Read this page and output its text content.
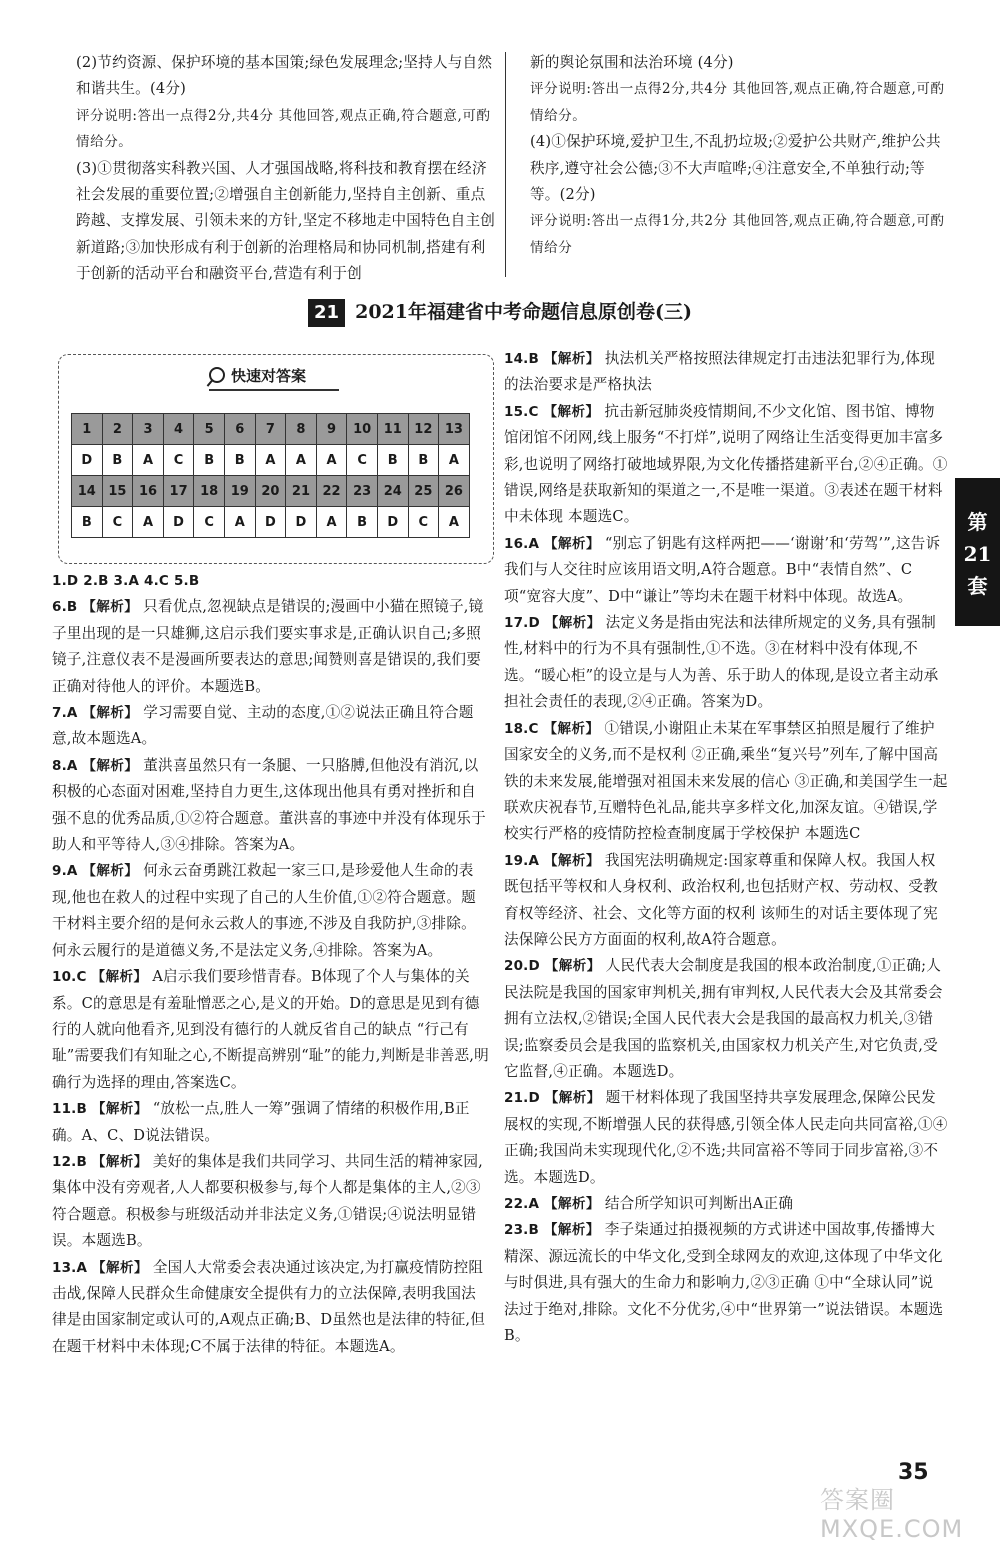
(2)节约资源、保护环境的基本国策;绿色发展理念;坚持人与自然和谐共生。(4分)

评分说明:答出一点得2分,共4分 其他回答,观点正确,符合题意,可酌情给分。

(3)①贯彻落实科教兴国、人才强国战略,将科技和教育摆在经济社会发展的重要位置;②增强自主创新能力,坚持自主创新、重点跨越、支撑发展、引领未来的方针,坚定不移地走中国特色自主创新道路;③加快形成有利于创新的治理格局和协同机制,搭建有利于创新的活动平台和融资平台,营造有利于创

新的舆论氛围和法治环境 (4分)

评分说明:答出一点得2分,共4分 其他回答,观点正确,符合题意,可酌情给分。

(4)①保护环境,爱护卫生,不乱扔垃圾;②爱护公共财产,维护公共秩序,遵守社会公德;③不大声喧哗;④注意安全,不单独行动;等等。(2分)

评分说明:答出一点得1分,共2分 其他回答,观点正确,符合题意,可酌情给分

21 2021年福建省中考命题信息原创卷(三)
快速对答案
1	2	3	4	5	6	7	8	9	10	11	12	13
D	B	A	C	B	B	A	A	A	C	B	B	A
14	15	16	17	18	19	20	21	22	23	24	25	26
B	C	A	D	C	A	D	D	A	B	D	C	A

1.D 2.B 3.A 4.C 5.B

6.B 【解析】 只看优点,忽视缺点是错误的;漫画中小猫在照镜子,镜子里出现的是一只雄狮,这启示我们要实事求是,正确认识自己;多照镜子,注意仪表不是漫画所要表达的意思;闻赞则喜是错误的,我们要正确对待他人的评价。本题选B。

7.A 【解析】 学习需要自觉、主动的态度,①②说法正确且符合题意,故本题选A。

8.A 【解析】 董洪喜虽然只有一条腿、一只胳膊,但他没有消沉,以积极的心态面对困难,坚持自力更生,这体现出他具有勇对挫折和自强不息的优秀品质,①②符合题意。董洪喜的事迹中并没有体现乐于助人和平等待人,③④排除。答案为A。

9.A 【解析】 何永云奋勇跳江救起一家三口,是珍爱他人生命的表现,他也在救人的过程中实现了自己的人生价值,①②符合题意。题干材料主要介绍的是何永云救人的事迹,不涉及自我防护,③排除。何永云履行的是道德义务,不是法定义务,④排除。答案为A。

10.C 【解析】 A启示我们要珍惜青春。B体现了个人与集体的关系。C的意思是有羞耻憎恶之心,是义的开始。D的意思是见到有德行的人就向他看齐,见到没有德行的人就反省自己的缺点 “行己有耻”需要我们有知耻之心,不断提高辨别“耻”的能力,判断是非善恶,明确行为选择的理由,答案选C。

11.B 【解析】 “放松一点,胜人一筹”强调了情绪的积极作用,B正确。A、C、D说法错误。

12.B 【解析】 美好的集体是我们共同学习、共同生活的精神家园,集体中没有旁观者,人人都要积极参与,每个人都是集体的主人,②③符合题意。积极参与班级活动并非法定义务,①错误;④说法明显错误。本题选B。

13.A 【解析】 全国人大常委会表决通过该决定,为打赢疫情防控阻击战,保障人民群众生命健康安全提供有力的立法保障,表明我国法律是由国家制定或认可的,A观点正确;B、D虽然也是法律的特征,但在题干材料中未体现;C不属于法律的特征。本题选A。

14.B 【解析】 执法机关严格按照法律规定打击违法犯罪行为,体现的法治要求是严格执法

15.C 【解析】 抗击新冠肺炎疫情期间,不少文化馆、图书馆、博物馆闭馆不闭网,线上服务“不打烊”,说明了网络让生活变得更加丰富多彩,也说明了网络打破地域界限,为文化传播搭建新平台,②④正确。①错误,网络是获取新知的渠道之一,不是唯一渠道。③表述在题干材料中未体现 本题选C。

16.A 【解析】 “别忘了钥匙有这样两把——‘谢谢’和‘劳驾’”,这告诉我们与人交往时应该用语文明,A符合题意。B中“表情自然”、C项“宽容大度”、D中“谦让”等均未在题干材料中体现。故选A。

17.D 【解析】 法定义务是指由宪法和法律所规定的义务,具有强制性,材料中的行为不具有强制性,①不选。③在材料中没有体现,不选。“暖心柜”的设立是与人为善、乐于助人的体现,是设立者主动承担社会责任的表现,②④正确。答案为D。

18.C 【解析】 ①错误,小谢阻止未某在军事禁区拍照是履行了维护国家安全的义务,而不是权利 ②正确,乘坐“复兴号”列车,了解中国高铁的未来发展,能增强对祖国未来发展的信心 ③正确,和美国学生一起联欢庆祝春节,互赠特色礼品,能共享多样文化,加深友谊。④错误,学校实行严格的疫情防控检查制度属于学校保护 本题选C

19.A 【解析】 我国宪法明确规定:国家尊重和保障人权。我国人权既包括平等权和人身权利、政治权利,也包括财产权、劳动权、受教育权等经济、社会、文化等方面的权利 该师生的对话主要体现了宪法保障公民方方面面的权利,故A符合题意。

20.D 【解析】 人民代表大会制度是我国的根本政治制度,①正确;人民法院是我国的国家审判机关,拥有审判权,人民代表大会及其常委会拥有立法权,②错误;全国人民代表大会是我国的最高权力机关,③错误;监察委员会是我国的监察机关,由国家权力机关产生,对它负责,受它监督,④正确。本题选D。

21.D 【解析】 题干材料体现了我国坚持共享发展理念,保障公民发展权的实现,不断增强人民的获得感,引领全体人民走向共同富裕,①④正确;我国尚未实现现代化,②不选;共同富裕不等同于同步富裕,③不选。本题选D。

22.A 【解析】 结合所学知识可判断出A正确

23.B 【解析】 李子柒通过拍摄视频的方式讲述中国故事,传播博大精深、源远流长的中华文化,受到全球网友的欢迎,这体现了中华文化与时俱进,具有强大的生命力和影响力,②③正确 ①中“全球认同”说法过于绝对,排除。文化不分优劣,④中“世界第一”说法错误。本题选B。

第21套
35
答案圈 MXQE.COM
